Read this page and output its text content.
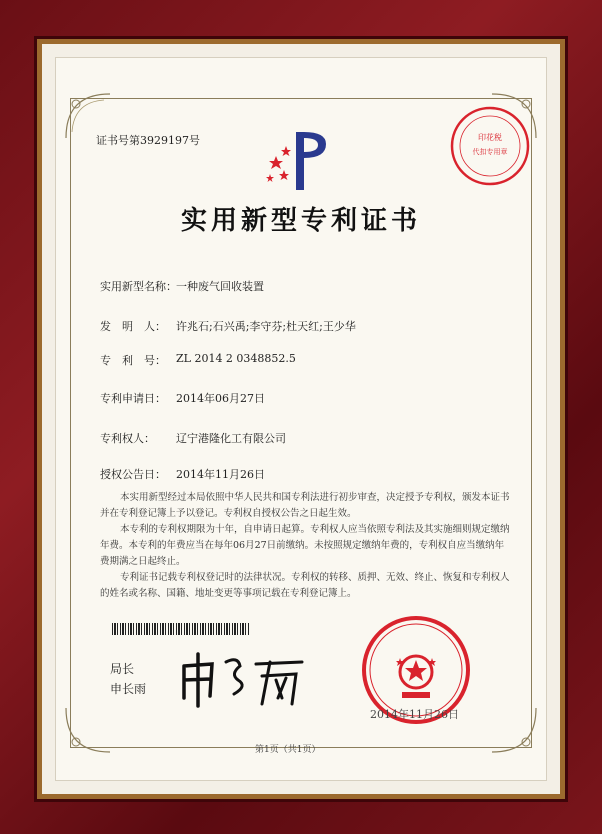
证书号第3929197号	印花税
代扣专用章
实用新型专利证书
实用新型名称： 一种废气回收装置
发　明　人： 许兆石;石兴禹;李守芬;杜天红;王少华
专　利　号： ZL 2014 2 0348852.5
专利申请日： 2014年06月27日
专利权人： 辽宁港隆化工有限公司
授权公告日： 2014年11月26日
本实用新型经过本局依照中华人民共和国专利法进行初步审查，决定授予专利权，颁发本证书并在专利登记簿上予以登记。专利权自授权公告之日起生效。
本专利的专利权期限为十年，自申请日起算。专利权人应当依照专利法及其实施细则规定缴纳年费。本专利的年费应当在每年06月27日前缴纳。未按照规定缴纳年费的，专利权自应当缴纳年费期满之日起终止。
专利证书记载专利权登记时的法律状况。专利权的转移、质押、无效、终止、恢复和专利权人的姓名或名称、国籍、地址变更等事项记载在专利登记簿上。
局长
申长雨
2014年11月26日
第1页（共1页）
